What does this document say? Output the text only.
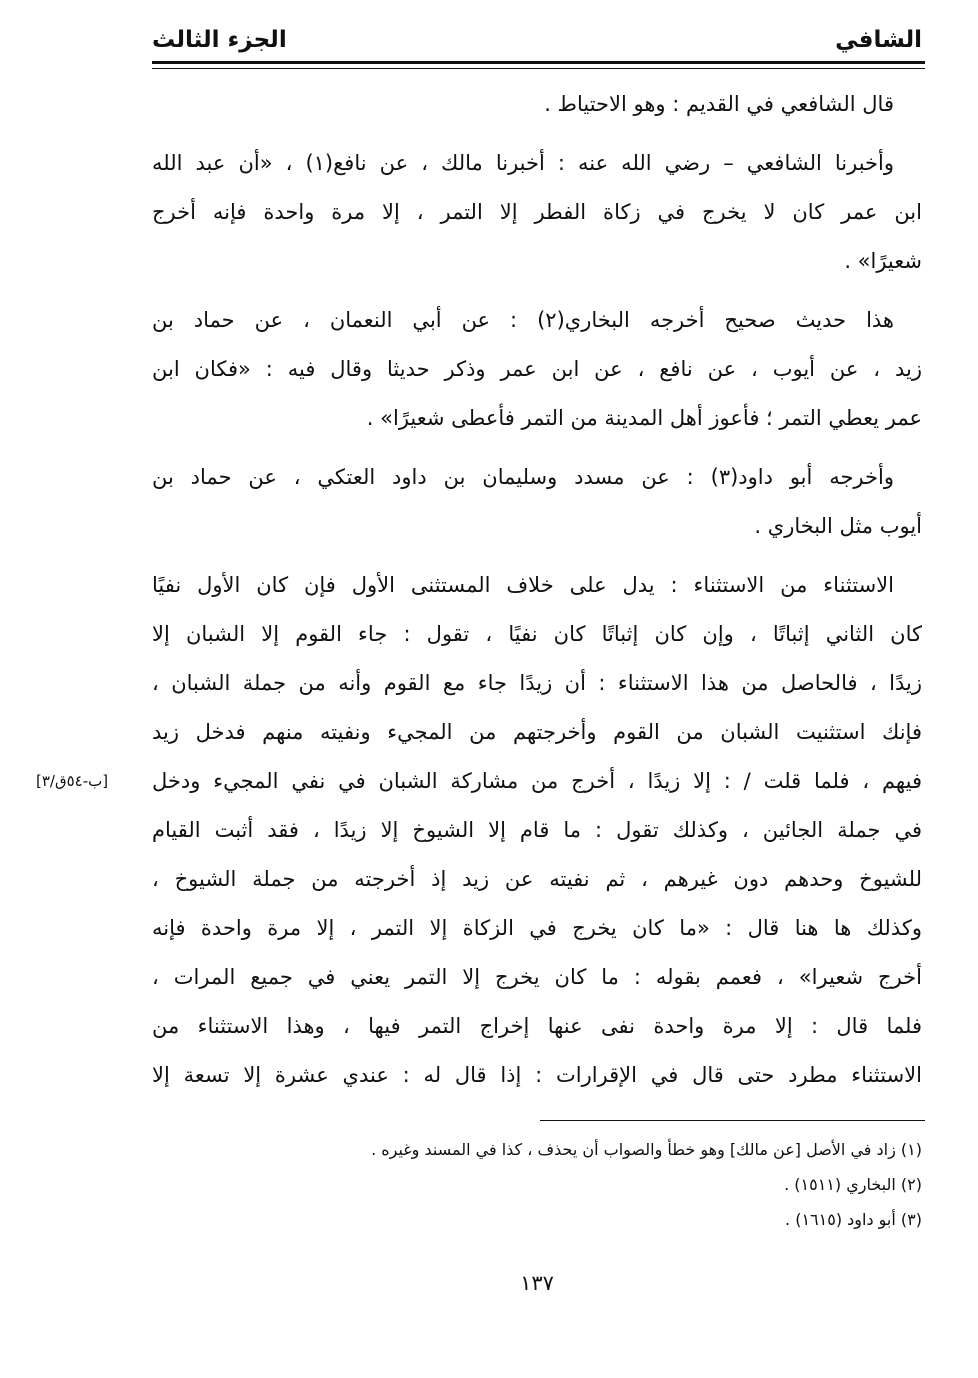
الشافي
الجزء الثالث
قال الشافعي في القديم : وهو الاحتياط .
وأخبرنا الشافعي – رضي الله عنه : أخبرنا مالك ، عن نافع(١) ، «أن عبد الله
ابن عمر كان لا يخرج في زكاة الفطر إلا التمر ، إلا مرة واحدة فإنه أخرج
شعيرًا» .
هذا حديث صحيح أخرجه البخاري(٢) : عن أبي النعمان ، عن حماد بن
زيد ، عن أيوب ، عن نافع ، عن ابن عمر وذكر حديثا وقال فيه : «فكان ابن
عمر يعطي التمر ؛ فأعوز أهل المدينة من التمر فأعطى شعيرًا» .
وأخرجه أبو داود(٣) : عن مسدد وسليمان بن داود العتكي ، عن حماد بن
أيوب مثل البخاري .
الاستثناء من الاستثناء : يدل على خلاف المستثنى الأول فإن كان الأول نفيًا
كان الثاني إثباتًا ، وإن كان إثباتًا كان نفيًا ، تقول : جاء القوم إلا الشبان إلا
زيدًا ، فالحاصل من هذا الاستثناء : أن زيدًا جاء مع القوم وأنه من جملة الشبان ،
فإنك استثنيت الشبان من القوم وأخرجتهم من المجيء ونفيته منهم فدخل زيد
فيهم ، فلما قلت / : إلا زيدًا ، أخرج من مشاركة الشبان في نفي المجيء ودخل
في جملة الجائين ، وكذلك تقول : ما قام إلا الشيوخ إلا زيدًا ، فقد أثبت القيام
للشيوخ وحدهم دون غيرهم ، ثم نفيته عن زيد إذ أخرجته من جملة الشيوخ ،
وكذلك ها هنا قال : «ما كان يخرج في الزكاة إلا التمر ، إلا مرة واحدة فإنه
أخرج شعيرا» ، فعمم بقوله : ما كان يخرج إلا التمر يعني في جميع المرات ،
فلما قال : إلا مرة واحدة نفى عنها إخراج التمر فيها ، وهذا الاستثناء من
الاستثناء مطرد حتى قال في الإقرارات : إذا قال له : عندي عشرة إلا تسعة إلا
[٣/ق٥٤-ب]
(١) زاد في الأصل [عن مالك] وهو خطأ والصواب أن يحذف ، كذا في المسند وغيره .
(٢) البخاري (١٥١١) .
(٣) أبو داود (١٦١٥) .
١٣٧
